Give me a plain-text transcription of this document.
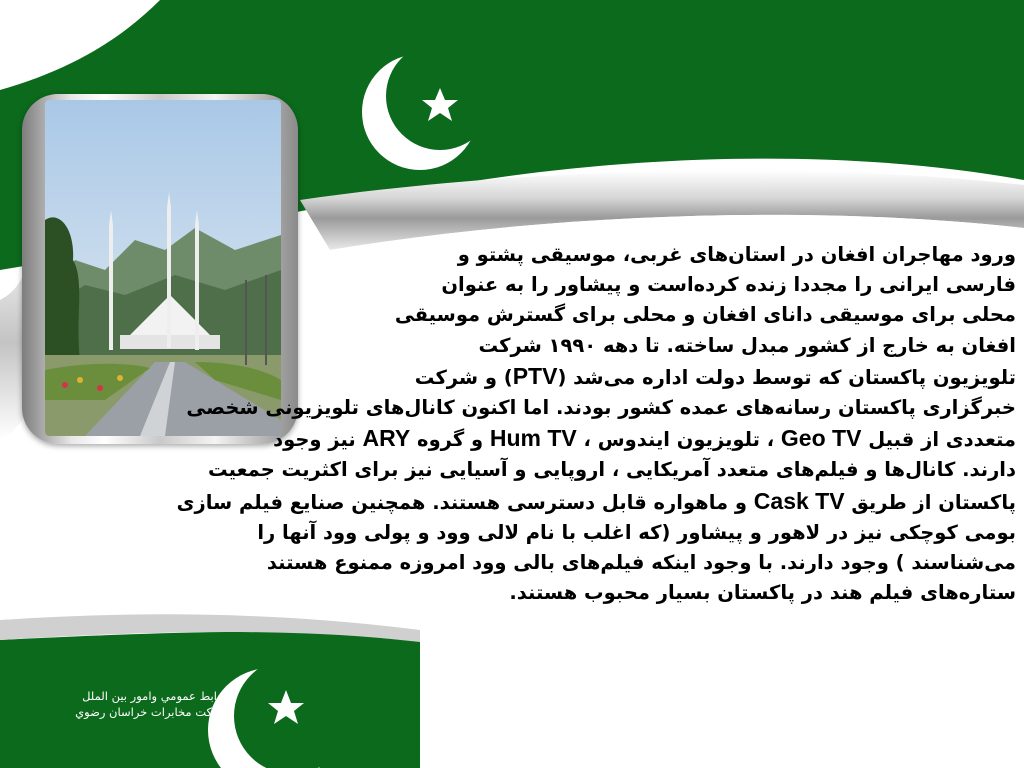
جامعه و فرهنگ‌ها
ورود مهاجران افغان در استان‌های غربی، موسیقی پشتو و
فارسی ایرانی را مجددا زنده کرده‌است و پیشاور را به عنوان
محلی برای موسیقی دانای افغان و محلی برای گسترش موسیقی
افغان به خارج از کشور مبدل ساخته. تا دهه ۱۹۹۰ شرکت
تلویزیون پاکستان که توسط دولت اداره می‌شد (PTV) و شرکت
خبرگزاری پاکستان رسانه‌های عمده کشور بودند. اما اکنون کانال‌های تلویزیونی شخصی
متعددی از قبیل Geo TV ، تلویزیون ایندوس ، Hum TV و گروه ARY نیز وجود
دارند. کانال‌ها و فیلم‌های متعدد آمریکایی ، اروپایی و آسیایی نیز برای اکثریت جمعیت
پاکستان از طریق Cask TV و ماهواره قابل دسترسی هستند. همچنین صنایع فیلم سازی
بومی کوچکی نیز در لاهور و پیشاور (که اغلب با نام لالی وود و پولی وود آنها را
می‌شناسند ) وجود دارند. با وجود اینکه فیلم‌های بالی وود امروزه ممنوع هستند
ستاره‌های فیلم هند در پاکستان بسیار محبوب هستند.
روابط عمومي وامور بين الملل
شركت مخابرات خراسان رضوي
